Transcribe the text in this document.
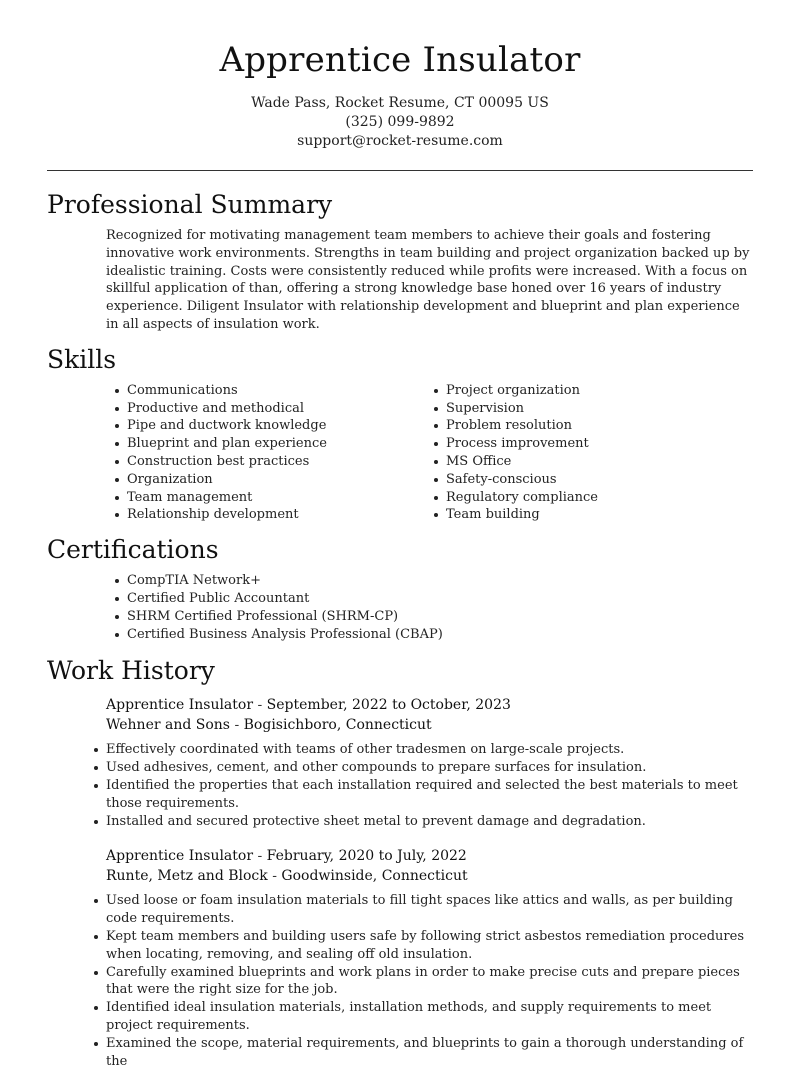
Apprentice Insulator
Wade Pass, Rocket Resume, CT 00095 US
(325) 099-9892
support@rocket-resume.com
Professional Summary

Recognized for motivating management team members to achieve their goals and fostering innovative work environments. Strengths in team building and project organization backed up by idealistic training. Costs were consistently reduced while profits were increased. With a focus on skillful application of than, offering a strong knowledge base honed over 16 years of industry experience. Diligent Insulator with relationship development and blueprint and plan experience in all aspects of insulation work.

Skills
Communications
Productive and methodical
Pipe and ductwork knowledge
Blueprint and plan experience
Construction best practices
Organization
Team management
Relationship development
Project organization
Supervision
Problem resolution
Process improvement
MS Office
Safety-conscious
Regulatory compliance
Team building
Certifications
CompTIA Network+
Certified Public Accountant
SHRM Certified Professional (SHRM-CP)
Certified Business Analysis Professional (CBAP)
Work History
Apprentice Insulator - September, 2022 to October, 2023
Wehner and Sons - Bogisichboro, Connecticut
Effectively coordinated with teams of other tradesmen on large-scale projects.
Used adhesives, cement, and other compounds to prepare surfaces for insulation.
Identified the properties that each installation required and selected the best materials to meet those requirements.
Installed and secured protective sheet metal to prevent damage and degradation.
Apprentice Insulator - February, 2020 to July, 2022
Runte, Metz and Block - Goodwinside, Connecticut
Used loose or foam insulation materials to fill tight spaces like attics and walls, as per building code requirements.
Kept team members and building users safe by following strict asbestos remediation procedures when locating, removing, and sealing off old insulation.
Carefully examined blueprints and work plans in order to make precise cuts and prepare pieces that were the right size for the job.
Identified ideal insulation materials, installation methods, and supply requirements to meet project requirements.
Examined the scope, material requirements, and blueprints to gain a thorough understanding of the
